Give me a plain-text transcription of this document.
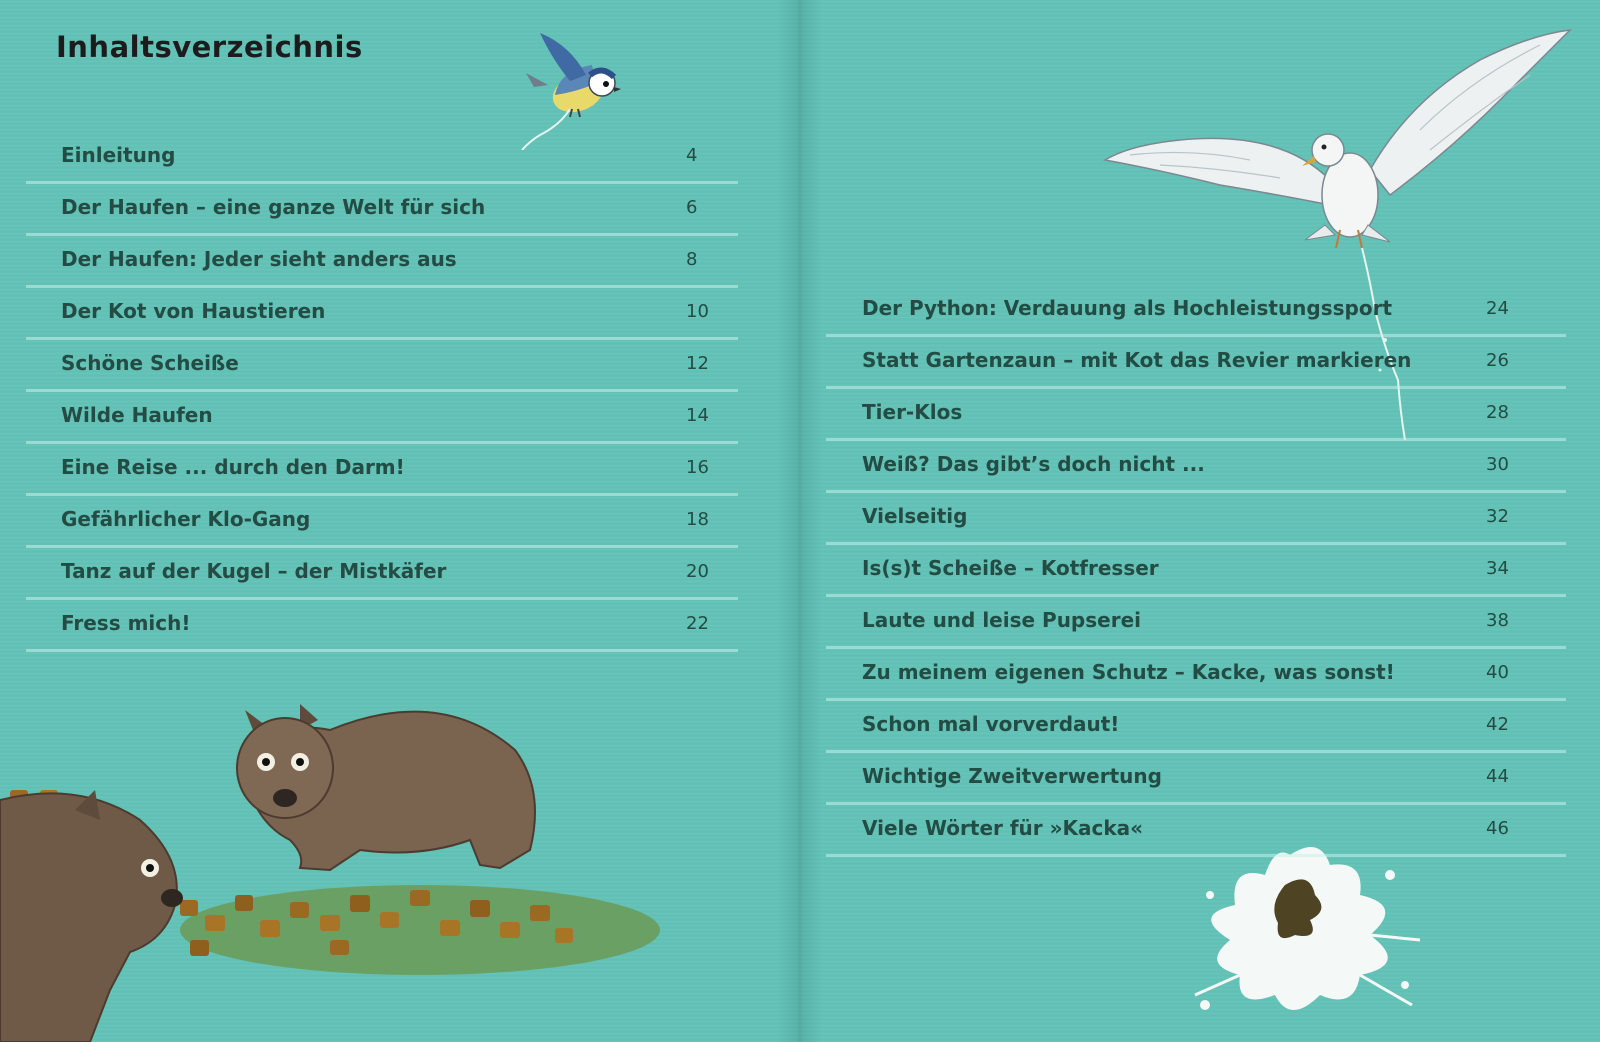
Inhaltsverzeichnis
Einleitung	4
Der Haufen – eine ganze Welt für sich	6
Der Haufen: Jeder sieht anders aus	8
Der Kot von Haustieren	10
Schöne Scheiße	12
Wilde Haufen	14
Eine Reise ... durch den Darm!	16
Gefährlicher Klo-Gang	18
Tanz auf der Kugel – der Mistkäfer	20
Fress mich!	22
Der Python: Verdauung als Hochleistungssport	24
Statt Gartenzaun – mit Kot das Revier markieren	26
Tier-Klos	28
Weiß? Das gibt’s doch nicht ...	30
Vielseitig	32
Is(s)t Scheiße – Kotfresser	34
Laute und leise Pupserei	38
Zu meinem eigenen Schutz – Kacke, was sonst!	40
Schon mal vorverdaut!	42
Wichtige Zweitverwertung	44
Viele Wörter für »Kacka«	46
